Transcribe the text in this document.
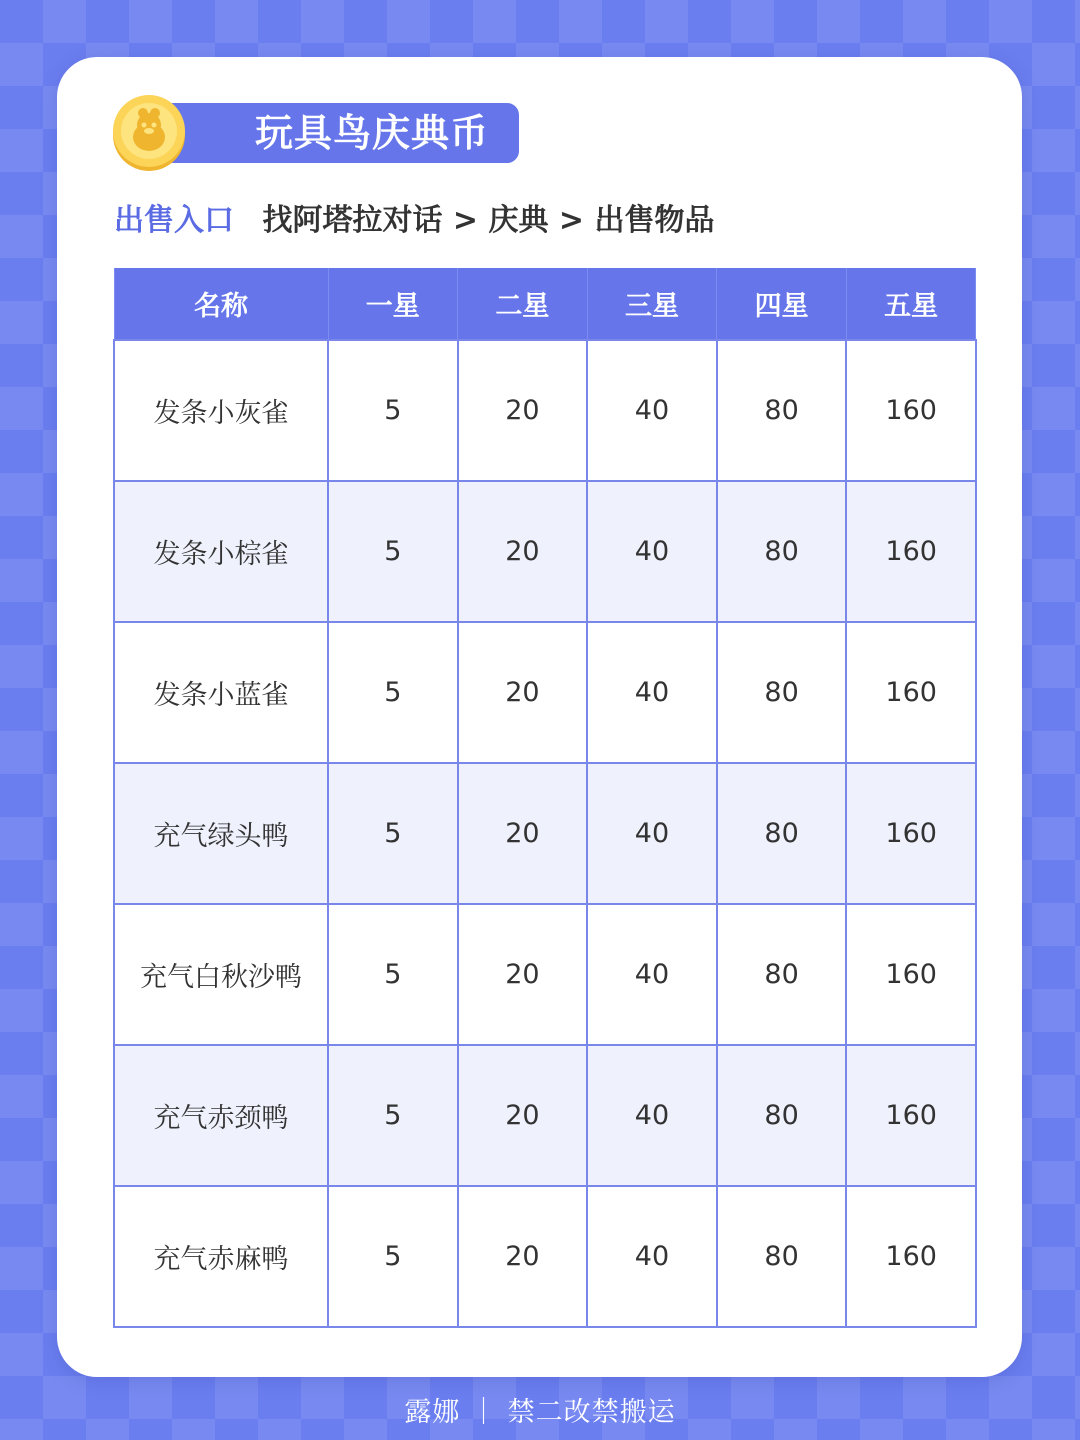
玩具鸟庆典币
出售入口 找阿塔拉对话 > 庆典 > 出售物品
名称	一星	二星	三星	四星	五星
发条小灰雀	5	20	40	80	160
发条小棕雀	5	20	40	80	160
发条小蓝雀	5	20	40	80	160
充气绿头鸭	5	20	40	80	160
充气白秋沙鸭	5	20	40	80	160
充气赤颈鸭	5	20	40	80	160
充气赤麻鸭	5	20	40	80	160
露娜 ｜ 禁二改禁搬运
